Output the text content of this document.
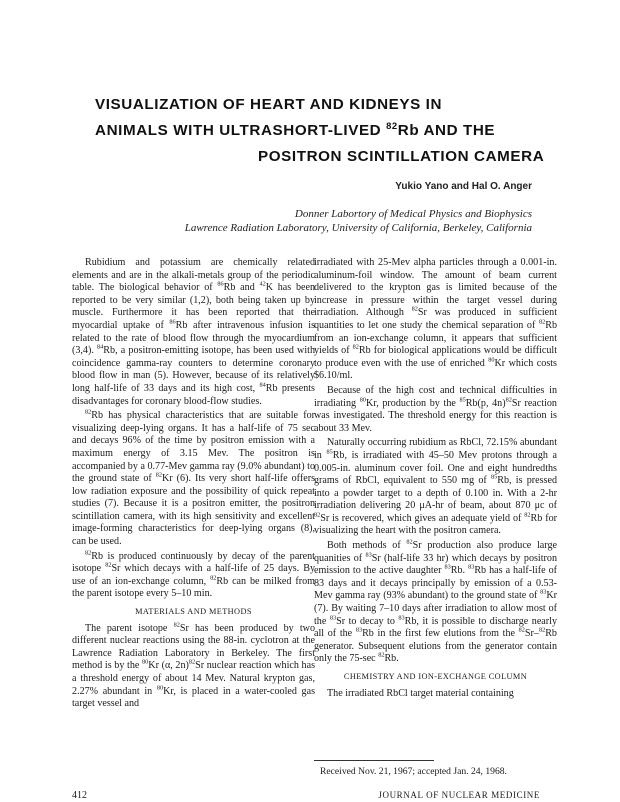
VISUALIZATION OF HEART AND KIDNEYS IN
ANIMALS WITH ULTRASHORT-LIVED $^{82}$Rb AND THE
POSITRON SCINTILLATION CAMERA
Yukio Yano and Hal O. Anger
Donner Labortory of Medical Physics and Biophysics
Lawrence Radiation Laboratory, University of California, Berkeley, California

Rubidium and potassium are chemically related elements and are in the alkali-metals group of the periodic table. The biological behavior of $^{86}$Rb and $^{42}$K has been reported to be very similar (1,2), both being taken up by muscle. Furthermore it has been reported that the myocardial uptake of $^{86}$Rb after intravenous infusion is related to the rate of blood flow through the myocardium (3,4). $^{84}$Rb, a positron-emitting isotope, has been used with coincidence gamma-ray counters to determine coronary blood flow in man (5). However, because of its relatively long half-life of 33 days and its high cost, $^{84}$Rb presents disadvantages for coronary blood-flow studies.

$^{82}$Rb has physical characteristics that are suitable for visualizing deep-lying organs. It has a half-life of 75 sec and decays 96% of the time by positron emission with a maximum energy of 3.15 Mev. The positron is accompanied by a 0.77-Mev gamma ray (9.0% abundant) to the ground state of $^{82}$Kr (6). Its very short half-life offers low radiation exposure and the possibility of quick repeat studies (7). Because it is a positron emitter, the positron scintillation camera, with its high sensitivity and excellent image-forming characteristics for deep-lying organs (8), can be used.

$^{82}$Rb is produced continuously by decay of the parent isotope $^{82}$Sr which decays with a half-life of 25 days. By use of an ion-exchange column, $^{82}$Rb can be milked from the parent isotope every 5–10 min.

MATERIALS AND METHODS

The parent isotope $^{82}$Sr has been produced by two different nuclear reactions using the 88-in. cyclotron at the Lawrence Radiation Laboratory in Berkeley. The first method is by the $^{80}$Kr (α, 2n)$^{82}$Sr nuclear reaction which has a threshold energy of about 14 Mev. Natural krypton gas, 2.27% abundant in $^{80}$Kr, is placed in a water-cooled gas target vessel and

irradiated with 25-Mev alpha particles through a 0.001-in. aluminum-foil window. The amount of beam current delivered to the krypton gas is limited because of the increase in pressure within the target vessel during irradiation. Although $^{82}$Sr was produced in sufficient quantities to let one study the chemical separation of $^{82}$Rb from an ion-exchange column, it appears that sufficient yields of $^{82}$Rb for biological applications would be difficult to produce even with the use of enriched $^{80}$Kr which costs $6.10/ml.

Because of the high cost and technical difficulties in irradiating $^{80}$Kr, production by the $^{85}$Rb(p, 4n)$^{82}$Sr reaction was investigated. The threshold energy for this reaction is about 33 Mev.

Naturally occurring rubidium as RbCl, 72.15% abundant in $^{85}$Rb, is irradiated with 45–50 Mev protons through a 0.005-in. aluminum cover foil. One and eight hundredths grams of RbCl, equivalent to 550 mg of $^{85}$Rb, is pressed into a powder target to a depth of 0.100 in. With a 2-hr irradiation delivering 20 μA-hr of beam, about 870 μc of $^{82}$Sr is recovered, which gives an adequate yield of $^{82}$Rb for visualizing the heart with the positron camera.

Both methods of $^{82}$Sr production also produce large quanities of $^{83}$Sr (half-life 33 hr) which decays by positron emission to the active daughter $^{83}$Rb. $^{83}$Rb has a half-life of 83 days and it decays principally by emission of a 0.53-Mev gamma ray (93% abundant) to the ground state of $^{83}$Kr (7). By waiting 7–10 days after irradiation to allow most of the $^{83}$Sr to decay to $^{83}$Rb, it is possible to discharge nearly all of the $^{83}$Rb in the first few elutions from the $^{82}$Sr–$^{82}$Rb generator. Subsequent elutions from the generator contain only the 75-sec $^{82}$Rb.

CHEMISTRY AND ION-EXCHANGE COLUMN

The irradiated RbCl target material containing

Received Nov. 21, 1967; accepted Jan. 24, 1968.
412	JOURNAL OF NUCLEAR MEDICINE
